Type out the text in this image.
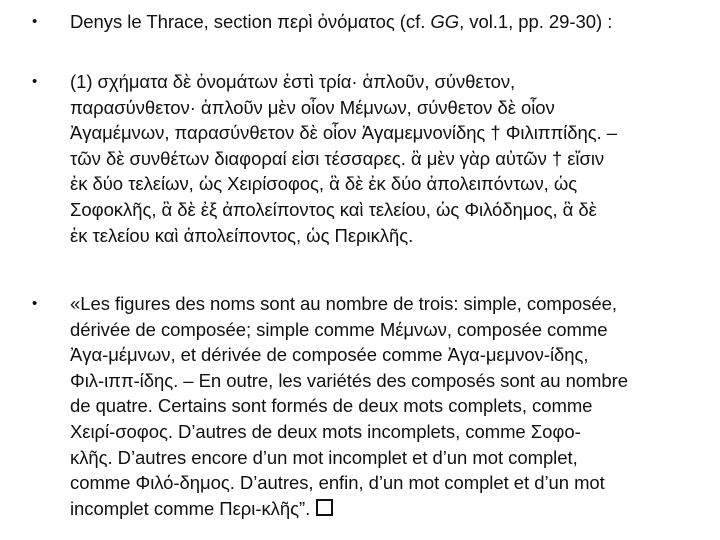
•	Denys le Thrace, section περὶ ὀνόματος (cf. GG, vol.1, pp. 29-30) :
•	(1) σχήματα δὲ ὀνομάτων ἐστὶ τρία· ἁπλοῦν, σύνθετον,
παρασύνθετον· ἁπλοῦν μὲν οἷον Μέμνων, σύνθετον δὲ οἷον
Ἀγαμέμνων, παρασύνθετον δὲ οἷον Ἀγαμεμνονίδης † Φιλιππίδης. –
τῶν δὲ συνθέτων διαφοραί εἰσι τέσσαρες. ἃ μὲν γὰρ αὐτῶν † εἴσιν
ἐκ δύο τελείων, ὡς Χειρίσοφος, ἃ δὲ ἐκ δύο ἀπολειπόντων, ὡς
Σοφοκλῆς, ἃ δὲ ἐξ ἀπολείποντος καὶ τελείου, ὡς Φιλόδημος, ἃ δὲ
ἐκ τελείου καὶ ἀπολείποντος, ὡς Περικλῆς.
•	«Les figures des noms sont au nombre de trois: simple, composée,
dérivée de composée; simple comme Μέμνων, composée comme
Ἀγα-μέμνων, et dérivée de composée comme Ἀγα-μεμνον-ίδης,
Φιλ-ιππ-ίδης. – En outre, les variétés des composés sont au nombre
de quatre. Certains sont formés de deux mots complets, comme
Χειρί-σοφος. D’autres de deux mots incomplets, comme Σοφο-
κλῆς. D’autres encore d’un mot incomplet et d’un mot complet,
comme Φιλό-δημος. D’autres, enfin, d’un mot complet et d’un mot
incomplet comme Περι-κλῆς”.
